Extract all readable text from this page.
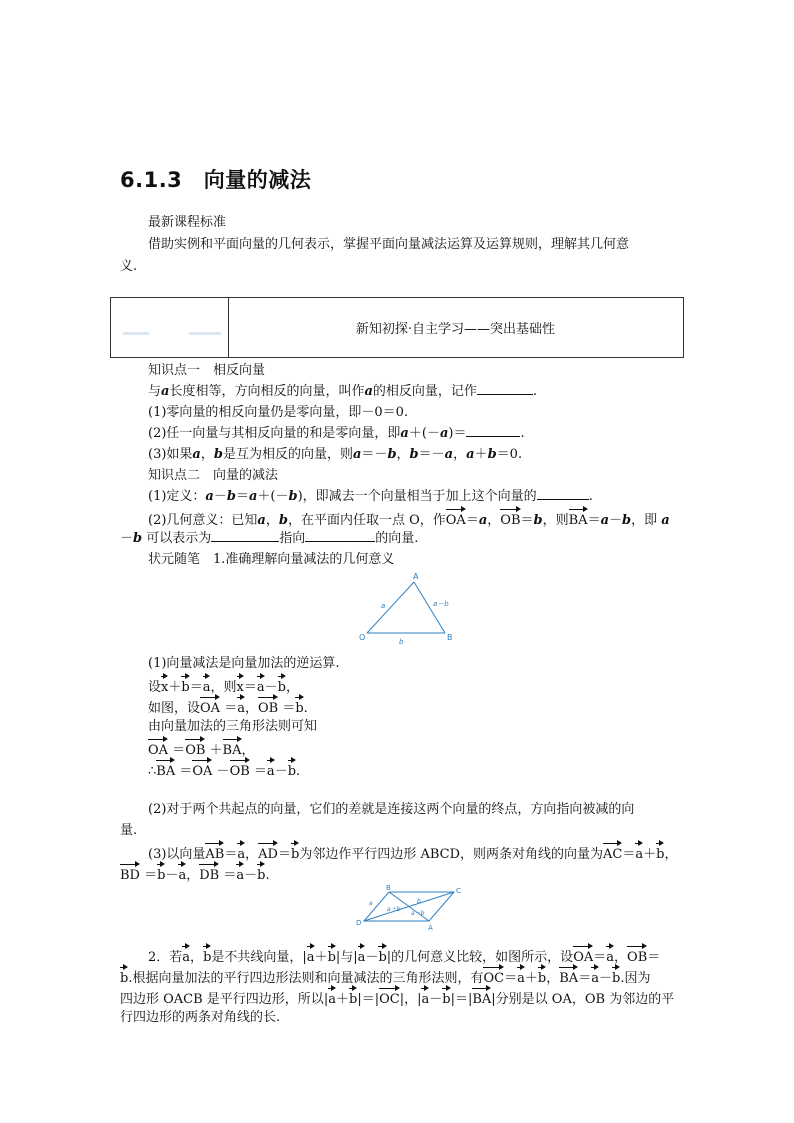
6.1.3　向量的减法
最新课程标准
借助实例和平面向量的几何表示，掌握平面向量减法运算及运算规则，理解其几何意
义.
新知初探·自主学习——突出基础性
知识点一　相反向量
与a长度相等，方向相反的向量，叫作a的相反向量，记作	.
(1)零向量的相反向量仍是零向量，即－0＝0.
(2)任一向量与其相反向量的和是零向量，即a＋(－a)＝	.
(3)如果a，b是互为相反的向量，则a＝－b，b＝－a，a＋b＝0.
知识点二　向量的减法
(1)定义：a－b＝a＋(－b)，即减去一个向量相当于加上这个向量的	.
(2)几何意义：已知a，b，在平面内任取一点 O，作OA＝a，OB＝b，则BA＝a－b，即 a
－b 可以表示为	指向	的向量.
状元随笔　1.准确理解向量减法的几何意义
O
A
B
a
b
a－b
(1)向量减法是向量加法的逆运算.
设x＋b＝a，则x＝a－b，
如图，设OA ＝a，OB ＝b.
由向量加法的三角形法则可知
OA ＝OB ＋BA，
∴BA ＝OA －OB ＝a－b.
(2)对于两个共起点的向量，它们的差就是连接这两个向量的终点，方向指向被减的向
量.
(3)以向量AB＝a，AD＝b为邻边作平行四边形 ABCD，则两条对角线的向量为AC＝a＋b，
BD ＝b－a，DB ＝a－b.
D
B	C
A
a＋b
a	b
a－b
2．若a，b是不共线向量，|a＋b|与|a－b|的几何意义比较，如图所示，设OA＝a，OB＝
b.根据向量加法的平行四边形法则和向量减法的三角形法则，有OC＝a＋b，BA＝a－b.因为
四边形 OACB 是平行四边形，所以|a＋b|＝|OC|，|a－b|＝|BA|分别是以 OA，OB 为邻边的平
行四边形的两条对角线的长.
